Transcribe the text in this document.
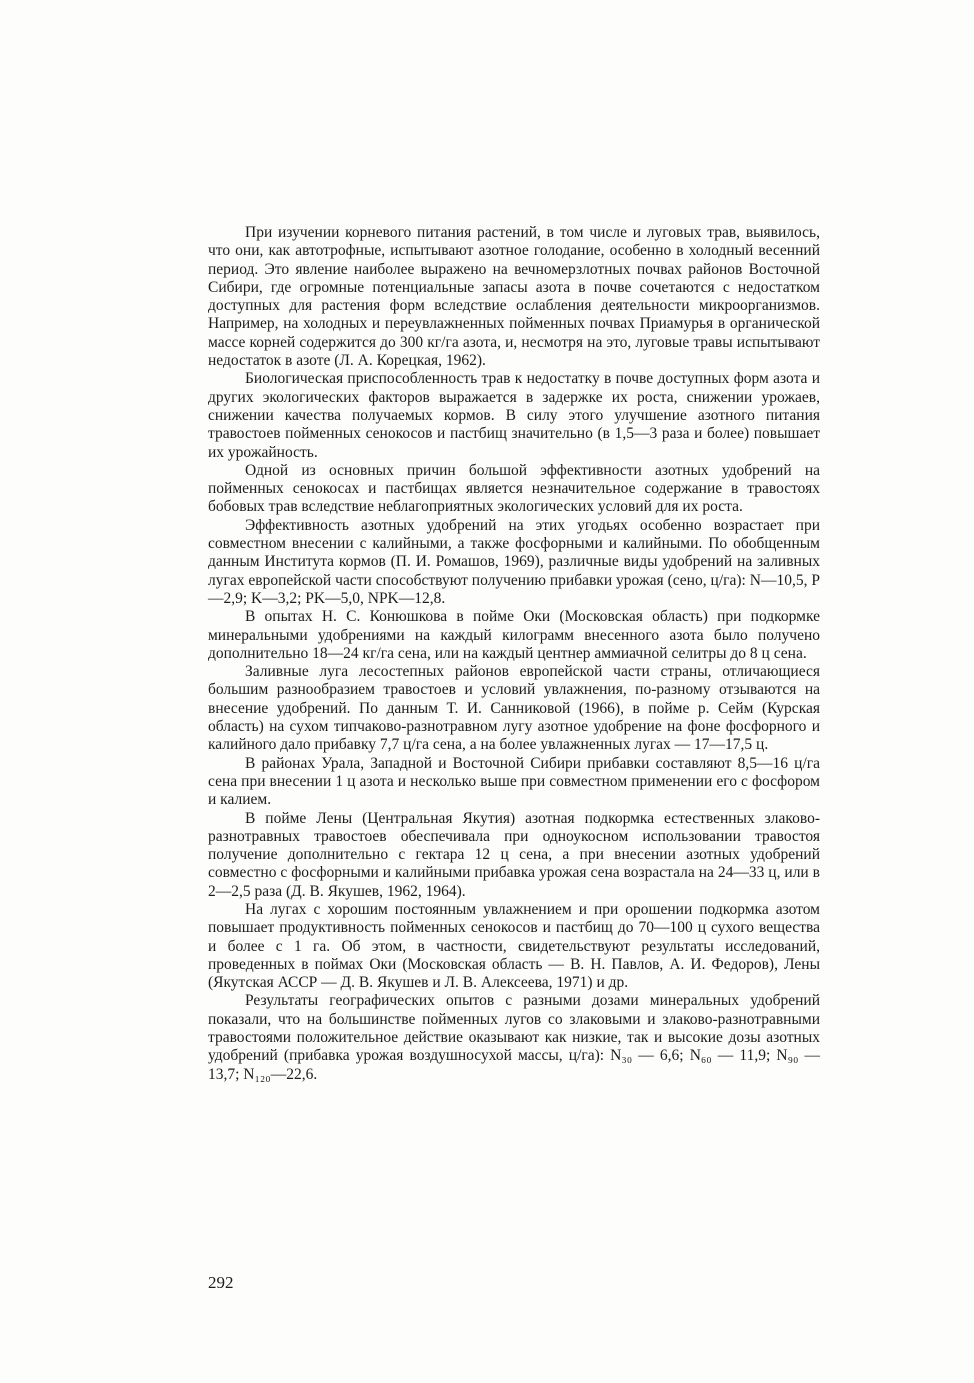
При изучении корневого питания растений, в том числе и луговых трав, выявилось, что они, как автотрофные, испытывают азотное голодание, особенно в холодный весенний период. Это явление наиболее выражено на вечномерзлотных почвах районов Восточной Сибири, где огромные потенциальные запасы азота в почве сочетаются с недостатком доступных для растения форм вследствие ослабления деятельности микроорганизмов. Например, на холодных и переувлажненных пойменных почвах Приамурья в органической массе корней содержится до 300 кг/га азота, и, несмотря на это, луговые травы испытывают недостаток в азоте (Л. А. Корецкая, 1962).

Биологическая приспособленность трав к недостатку в почве доступных форм азота и других экологических факторов выражается в задержке их роста, снижении урожаев, снижении качества получаемых кормов. В силу этого улучшение азотного питания травостоев пойменных сенокосов и пастбищ значительно (в 1,5—3 раза и более) повышает их урожайность.

Одной из основных причин большой эффективности азотных удобрений на пойменных сенокосах и пастбищах является незначительное содержание в травостоях бобовых трав вследствие неблагоприятных экологических условий для их роста.

Эффективность азотных удобрений на этих угодьях особенно возрастает при совместном внесении с калийными, а также фосфорными и калийными. По обобщенным данным Института кормов (П. И. Ромашов, 1969), различные виды удобрений на заливных лугах европейской части способствуют получению прибавки урожая (сено, ц/га): N—10,5, P—2,9; K—3,2; PK—5,0, NPK—12,8.

В опытах Н. С. Конюшкова в пойме Оки (Московская область) при подкормке минеральными удобрениями на каждый килограмм внесенного азота было получено дополнительно 18—24 кг/га сена, или на каждый центнер аммиачной селитры до 8 ц сена.

Заливные луга лесостепных районов европейской части страны, отличающиеся большим разнообразием травостоев и условий увлажнения, по-разному отзываются на внесение удобрений. По данным Т. И. Санниковой (1966), в пойме р. Сейм (Курская область) на сухом типчаково-разнотравном лугу азотное удобрение на фоне фосфорного и калийного дало прибавку 7,7 ц/га сена, а на более увлажненных лугах — 17—17,5 ц.

В районах Урала, Западной и Восточной Сибири прибавки составляют 8,5—16 ц/га сена при внесении 1 ц азота и несколько выше при совместном применении его с фосфором и калием.

В пойме Лены (Центральная Якутия) азотная подкормка естественных злаково-разнотравных травостоев обеспечивала при одноукосном использовании травостоя получение дополнительно с гектара 12 ц сена, а при внесении азотных удобрений совместно с фосфорными и калийными прибавка урожая сена возрастала на 24—33 ц, или в 2—2,5 раза (Д. В. Якушев, 1962, 1964).

На лугах с хорошим постоянным увлажнением и при орошении подкормка азотом повышает продуктивность пойменных сенокосов и пастбищ до 70—100 ц сухого вещества и более с 1 га. Об этом, в частности, свидетельствуют результаты исследований, проведенных в поймах Оки (Московская область — В. Н. Павлов, А. И. Федоров), Лены (Якутская АССР — Д. В. Якушев и Л. В. Алексеева, 1971) и др.

Результаты географических опытов с разными дозами минеральных удобрений показали, что на большинстве пойменных лугов со злаковыми и злаково-разнотравными травостоями положительное действие оказывают как низкие, так и высокие дозы азотных удобрений (прибавка урожая воздушносухой массы, ц/га): N₃₀ — 6,6; N₆₀ — 11,9; N₉₀ — 13,7; N₁₂₀—22,6.

292
